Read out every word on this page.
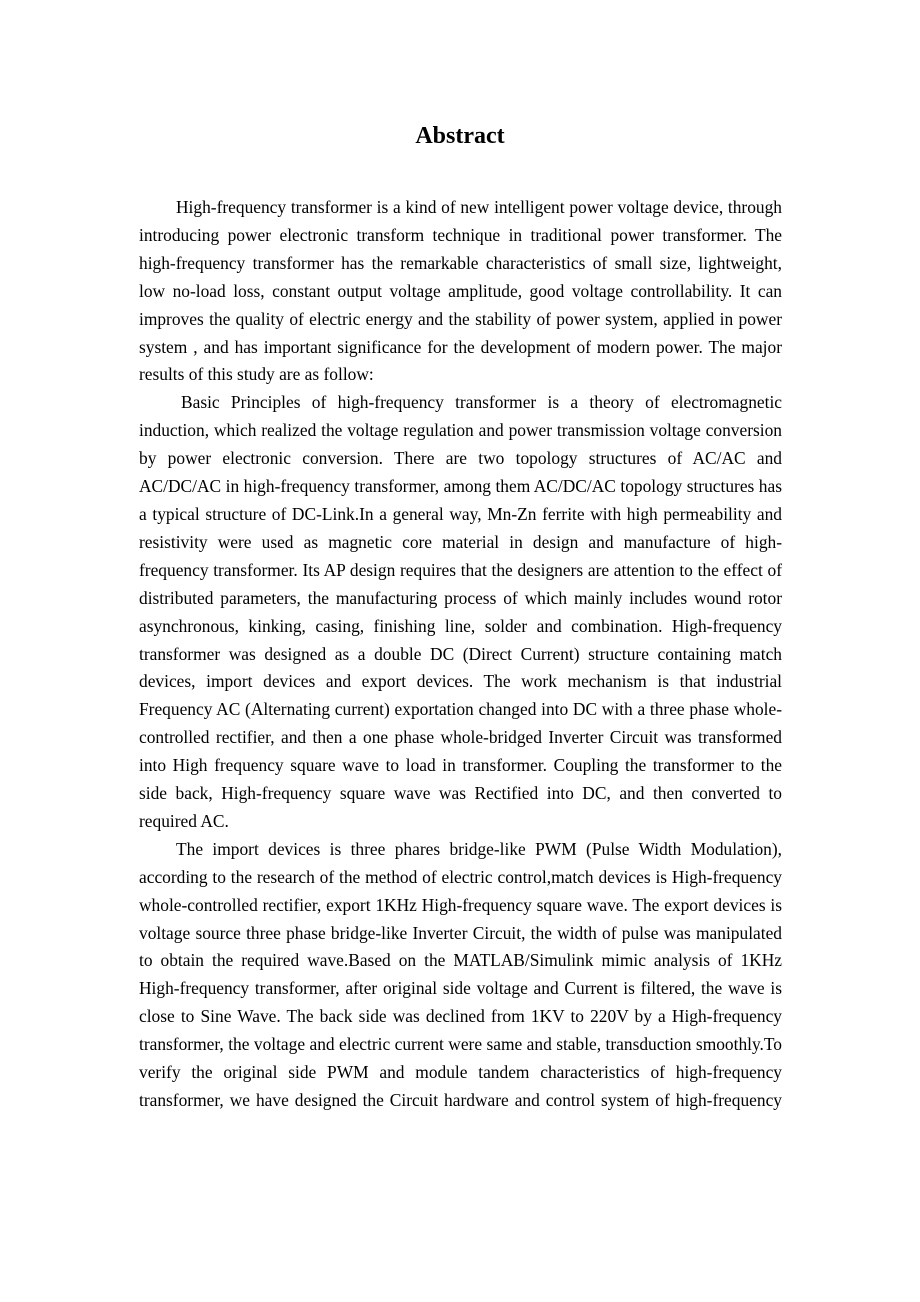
Abstract

High-frequency transformer is a kind of new intelligent power voltage device, through introducing power electronic transform technique in traditional power transformer. The high-frequency transformer has the remarkable characteristics of small size, lightweight, low no-load loss, constant output voltage amplitude, good voltage controllability. It can improves the quality of electric energy and the stability of power system, applied in power system , and has important significance for the development of modern power. The major results of this study are as follow:

Basic Principles of high-frequency transformer is a theory of electromagnetic induction, which realized the voltage regulation and power transmission voltage conversion by power electronic conversion. There are two topology structures of AC/AC and AC/DC/AC in high-frequency transformer, among them AC/DC/AC topology structures has a typical structure of DC-Link.In a general way, Mn-Zn ferrite with high permeability and resistivity were used as magnetic core material in design and manufacture of high-frequency transformer. Its AP design requires that the designers are attention to the effect of distributed parameters, the manufacturing process of which mainly includes wound rotor asynchronous, kinking, casing, finishing line, solder and combination. High-frequency transformer was designed as a double DC (Direct Current) structure containing match devices, import devices and export devices. The work mechanism is that industrial Frequency AC (Alternating current) exportation changed into DC with a three phase whole-controlled rectifier, and then a one phase whole-bridged Inverter Circuit was transformed into High frequency square wave to load in transformer. Coupling the transformer to the side back, High-frequency square wave was Rectified into DC, and then converted to required AC.

The import devices is three phares bridge-like PWM (Pulse Width Modulation), according to the research of the method of electric control,match devices is High-frequency whole-controlled rectifier, export 1KHz High-frequency square wave. The export devices is voltage source three phase bridge-like Inverter Circuit, the width of pulse was manipulated to obtain the required wave.Based on the MATLAB/Simulink mimic analysis of 1KHz High-frequency transformer, after original side voltage and Current is filtered, the wave is close to Sine Wave. The back side was declined from 1KV to 220V by a High-frequency transformer, the voltage and electric current were same and stable, transduction smoothly.To verify the original side PWM and module tandem characteristics of high-frequency transformer, we have designed the Circuit hardware and control system of high-frequency
